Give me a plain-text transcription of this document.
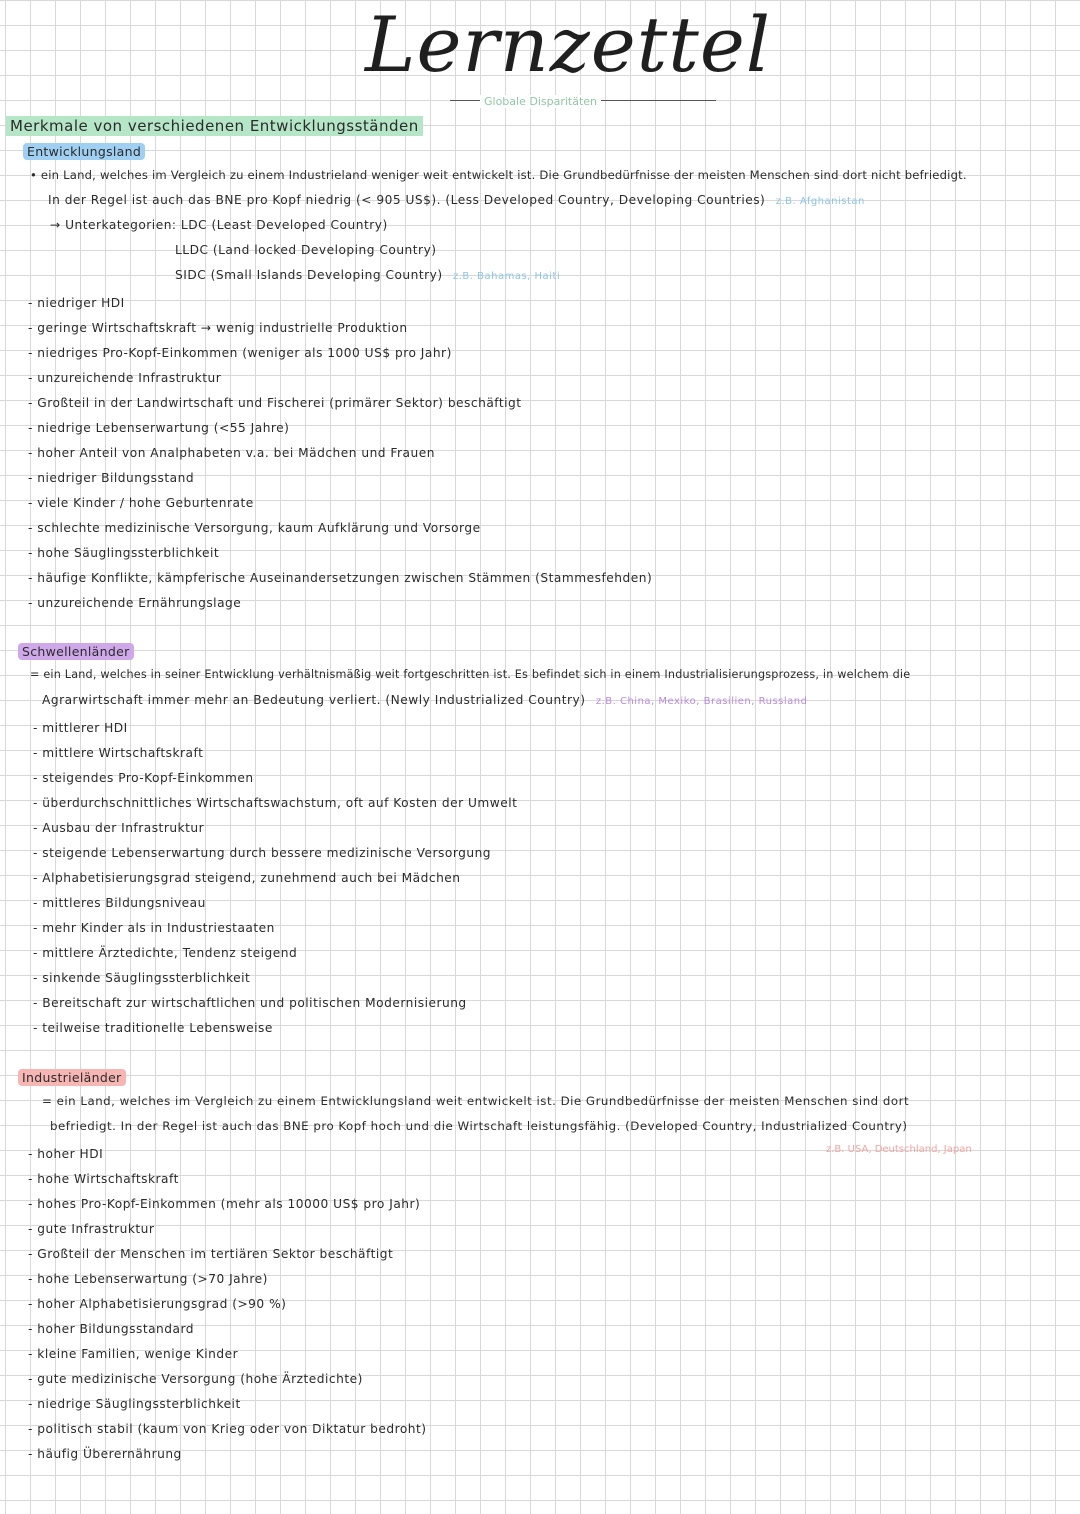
Lernzettel
Globale Disparitäten
Merkmale von verschiedenen Entwicklungsständen
Entwicklungsland
• ein Land, welches im Vergleich zu einem Industrieland weniger weit entwickelt ist. Die Grundbedürfnisse der meisten Menschen sind dort nicht befriedigt.
In der Regel ist auch das BNE pro Kopf niedrig (< 905 US$). (Less Developed Country, Developing Countries) z.B. Afghanistan
→ Unterkategorien: LDC (Least Developed Country)
LLDC (Land locked Developing Country)
SIDC (Small Islands Developing Country) z.B. Bahamas, Haiti
- niedriger HDI
- geringe Wirtschaftskraft → wenig industrielle Produktion
- niedriges Pro-Kopf-Einkommen (weniger als 1000 US$ pro Jahr)
- unzureichende Infrastruktur
- Großteil in der Landwirtschaft und Fischerei (primärer Sektor) beschäftigt
- niedrige Lebenserwartung (<55 Jahre)
- hoher Anteil von Analphabeten v.a. bei Mädchen und Frauen
- niedriger Bildungsstand
- viele Kinder / hohe Geburtenrate
- schlechte medizinische Versorgung, kaum Aufklärung und Vorsorge
- hohe Säuglingssterblichkeit
- häufige Konflikte, kämpferische Auseinandersetzungen zwischen Stämmen (Stammesfehden)
- unzureichende Ernährungslage
Schwellenländer
= ein Land, welches in seiner Entwicklung verhältnismäßig weit fortgeschritten ist. Es befindet sich in einem Industrialisierungsprozess, in welchem die
Agrarwirtschaft immer mehr an Bedeutung verliert. (Newly Industrialized Country) z.B. China, Mexiko, Brasilien, Russland
- mittlerer HDI
- mittlere Wirtschaftskraft
- steigendes Pro-Kopf-Einkommen
- überdurchschnittliches Wirtschaftswachstum, oft auf Kosten der Umwelt
- Ausbau der Infrastruktur
- steigende Lebenserwartung durch bessere medizinische Versorgung
- Alphabetisierungsgrad steigend, zunehmend auch bei Mädchen
- mittleres Bildungsniveau
- mehr Kinder als in Industriestaaten
- mittlere Ärztedichte, Tendenz steigend
- sinkende Säuglingssterblichkeit
- Bereitschaft zur wirtschaftlichen und politischen Modernisierung
- teilweise traditionelle Lebensweise
Industrieländer
= ein Land, welches im Vergleich zu einem Entwicklungsland weit entwickelt ist. Die Grundbedürfnisse der meisten Menschen sind dort
befriedigt. In der Regel ist auch das BNE pro Kopf hoch und die Wirtschaft leistungsfähig. (Developed Country, Industrialized Country)
z.B. USA, Deutschland, Japan
- hoher HDI
- hohe Wirtschaftskraft
- hohes Pro-Kopf-Einkommen (mehr als 10000 US$ pro Jahr)
- gute Infrastruktur
- Großteil der Menschen im tertiären Sektor beschäftigt
- hohe Lebenserwartung (>70 Jahre)
- hoher Alphabetisierungsgrad (>90 %)
- hoher Bildungsstandard
- kleine Familien, wenige Kinder
- gute medizinische Versorgung (hohe Ärztedichte)
- niedrige Säuglingssterblichkeit
- politisch stabil (kaum von Krieg oder von Diktatur bedroht)
- häufig Überernährung
